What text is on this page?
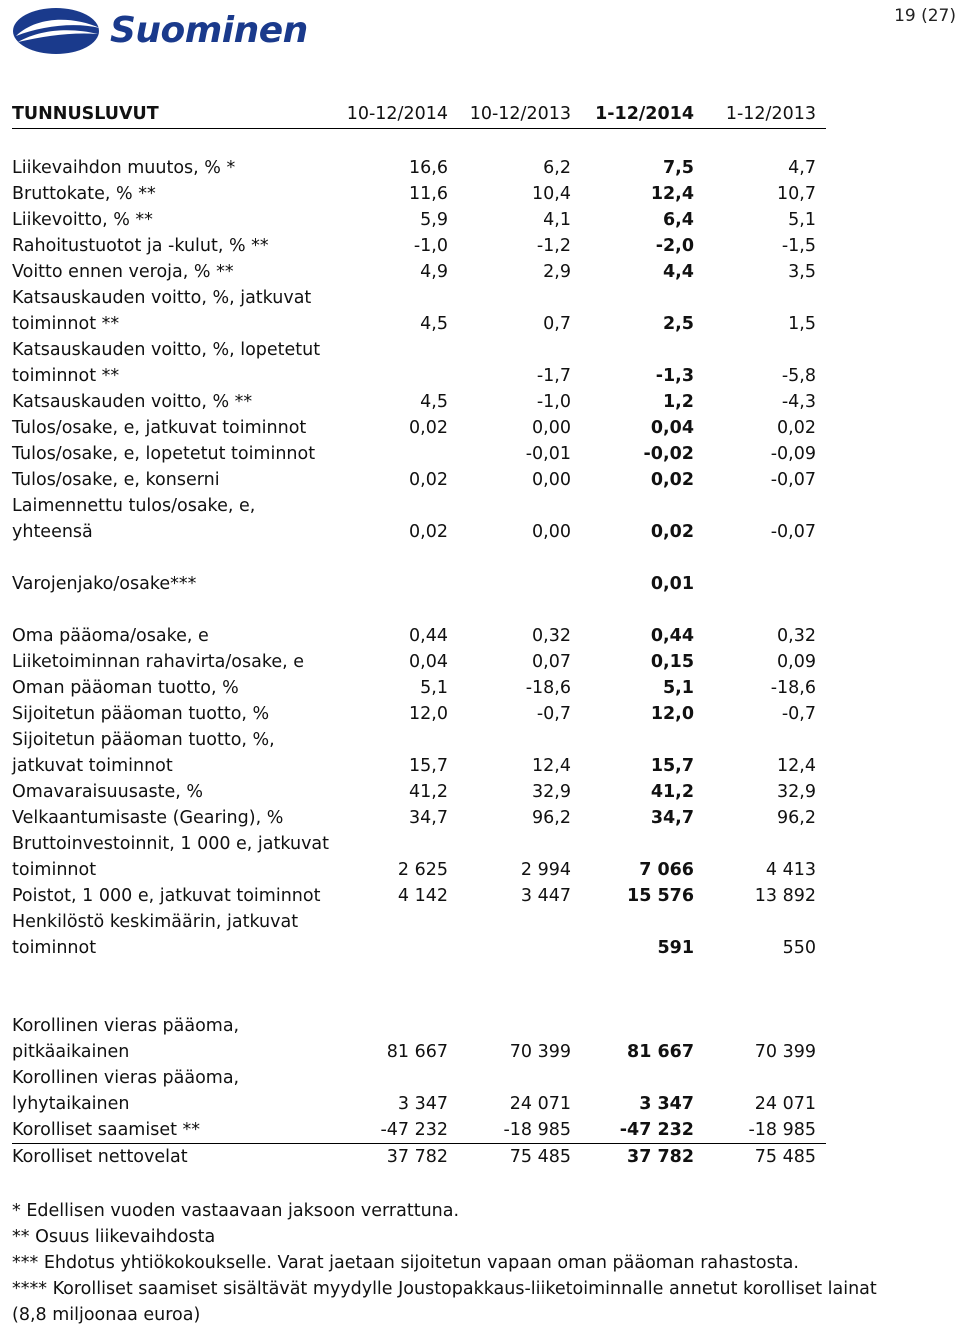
Suominen	19 (27)
TUNNUSLUVUT	10-12/2014	10-12/2013	1-12/2014	1-12/2013

Liikevaihdon muutos, % *	16,6	6,2	7,5	4,7
Bruttokate, % **	11,6	10,4	12,4	10,7
Liikevoitto, % **	5,9	4,1	6,4	5,1
Rahoitustuotot ja -kulut, % **	-1,0	-1,2	-2,0	-1,5
Voitto ennen veroja, % **	4,9	2,9	4,4	3,5
Katsauskauden voitto, %, jatkuvat				
toiminnot **	4,5	0,7	2,5	1,5
Katsauskauden voitto, %, lopetetut				
toiminnot **		-1,7	-1,3	-5,8
Katsauskauden voitto, % **	4,5	-1,0	1,2	-4,3
Tulos/osake, e, jatkuvat toiminnot	0,02	0,00	0,04	0,02
Tulos/osake, e, lopetetut toiminnot		-0,01	-0,02	-0,09
Tulos/osake, e, konserni	0,02	0,00	0,02	-0,07
Laimennettu tulos/osake, e,				
yhteensä	0,02	0,00	0,02	-0,07

Varojenjako/osake***			0,01	

Oma pääoma/osake, e	0,44	0,32	0,44	0,32
Liiketoiminnan rahavirta/osake, e	0,04	0,07	0,15	0,09
Oman pääoman tuotto, %	5,1	-18,6	5,1	-18,6
Sijoitetun pääoman tuotto, %	12,0	-0,7	12,0	-0,7
Sijoitetun pääoman tuotto, %,				
jatkuvat toiminnot	15,7	12,4	15,7	12,4
Omavaraisuusaste, %	41,2	32,9	41,2	32,9
Velkaantumisaste (Gearing), %	34,7	96,2	34,7	96,2
Bruttoinvestoinnit, 1 000 e, jatkuvat				
toiminnot	2 625	2 994	7 066	4 413
Poistot, 1 000 e, jatkuvat toiminnot	4 142	3 447	15 576	13 892
Henkilöstö keskimäärin, jatkuvat				
toiminnot			591	550

Korollinen vieras pääoma,				
pitkäaikainen	81 667	70 399	81 667	70 399
Korollinen vieras pääoma,				
lyhytaikainen	3 347	24 071	3 347	24 071
Korolliset saamiset **	-47 232	-18 985	-47 232	-18 985
Korolliset nettovelat	37 782	75 485	37 782	75 485
* Edellisen vuoden vastaavaan jaksoon verrattuna.
** Osuus liikevaihdosta
*** Ehdotus yhtiökokoukselle. Varat jaetaan sijoitetun vapaan oman pääoman rahastosta.
**** Korolliset saamiset sisältävät myydylle Joustopakkaus-liiketoiminnalle annetut korolliset lainat (8,8 miljoonaa euroa)
